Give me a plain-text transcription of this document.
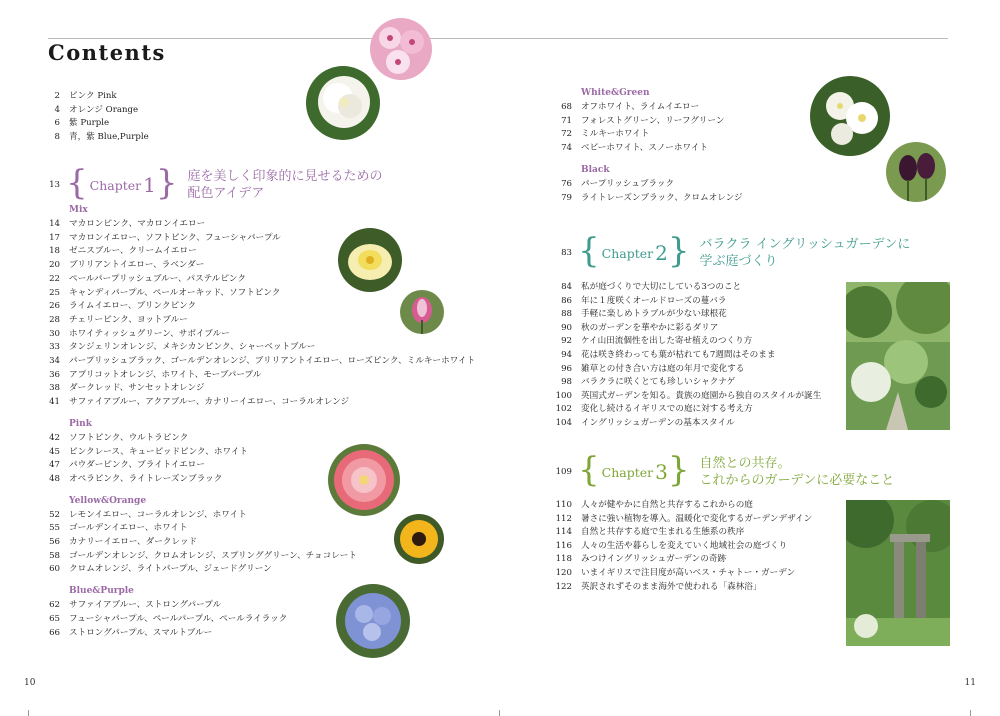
Contents
2 ピンク Pink
4 オレンジ Orange
6 紫 Purple
8 青，紫 Blue,Purple
13 { Chapter 1 } 庭を美しく印象的に見せるための
配色アイデア
Mix
14 マカロンピンク、マカロンイエロー
17 マカロンイエロー、ソフトピンク、フューシャパープル
18 ゼニスブルー、クリームイエロー
20 ブリリアントイエロー、ラベンダー
22 ペールパープリッシュブルー、パステルピンク
25 キャンディパープル、ペールオーキッド、ソフトピンク
26 ライムイエロー、ブリンクピンク
28 チェリーピンク、ヨットブルー
30 ホワイティッシュグリーン、サボイブルー
33 タンジェリンオレンジ、メキシカンピンク、シャーベットブルー
34 パープリッシュブラック、ゴールデンオレンジ、ブリリアントイエロー、ローズピンク、ミルキーホワイト
36 アプリコットオレンジ、ホワイト、モーブパープル
38 ダークレッド、サンセットオレンジ
41 サファイアブルー、アクアブルー、カナリーイエロー、コーラルオレンジ
Pink
42 ソフトピンク、ウルトラピンク
45 ピンクレース、キューピッドピンク、ホワイト
47 パウダーピンク、ブライトイエロー
48 オペラピンク、ライトレーズンブラック
Yellow&Orange
52 レモンイエロー、コーラルオレンジ、ホワイト
55 ゴールデンイエロー、ホワイト
56 カナリーイエロー、ダークレッド
58 ゴールデンオレンジ、クロムオレンジ、スプリンググリーン、チョコレート
60 クロムオレンジ、ライトパープル、ジェードグリーン
Blue&Purple
62 サファイアブルー、ストロングパープル
65 フューシャパープル、ペールパープル、ペールライラック
66 ストロングパープル、スマルトブルー
White&Green
68 オフホワイト、ライムイエロー
71 フォレストグリーン、リーフグリーン
72 ミルキーホワイト
74 ベビーホワイト、スノーホワイト
Black
76 パープリッシュブラック
79 ライトレーズンブラック、クロムオレンジ
83 { Chapter 2 } バラクラ イングリッシュガーデンに
学ぶ庭づくり
84 私が庭づくりで大切にしている3つのこと
86 年に１度咲くオールドローズの蔓バラ
88 手軽に楽しめトラブルが少ない球根花
90 秋のガーデンを華やかに彩るダリア
92 ケイ山田流個性を出した寄せ植えのつくり方
94 花は咲き終わっても葉が枯れても7週間はそのまま
96 雑草との付き合い方は庭の年月で変化する
98 バラクラに咲くとても珍しいシャクナゲ
100 英国式ガーデンを知る。貴族の庭園から独自のスタイルが誕生
102 変化し続けるイギリスでの庭に対する考え方
104 イングリッシュガーデンの基本スタイル
109 { Chapter 3 } 自然との共存。
これからのガーデンに必要なこと
110 人々が健やかに自然と共存するこれからの庭
112 暑さに強い植物を導入。温暖化で変化するガーデンデザイン
114 自然と共存する庭で生まれる生態系の秩序
116 人々の生活や暮らしを変えていく地域社会の庭づくり
118 みつけイングリッシュガーデンの奇跡
120 いまイギリスで注目度が高いベス・チャトー・ガーデン
122 英訳されずそのまま海外で使われる「森林浴」
10	11
